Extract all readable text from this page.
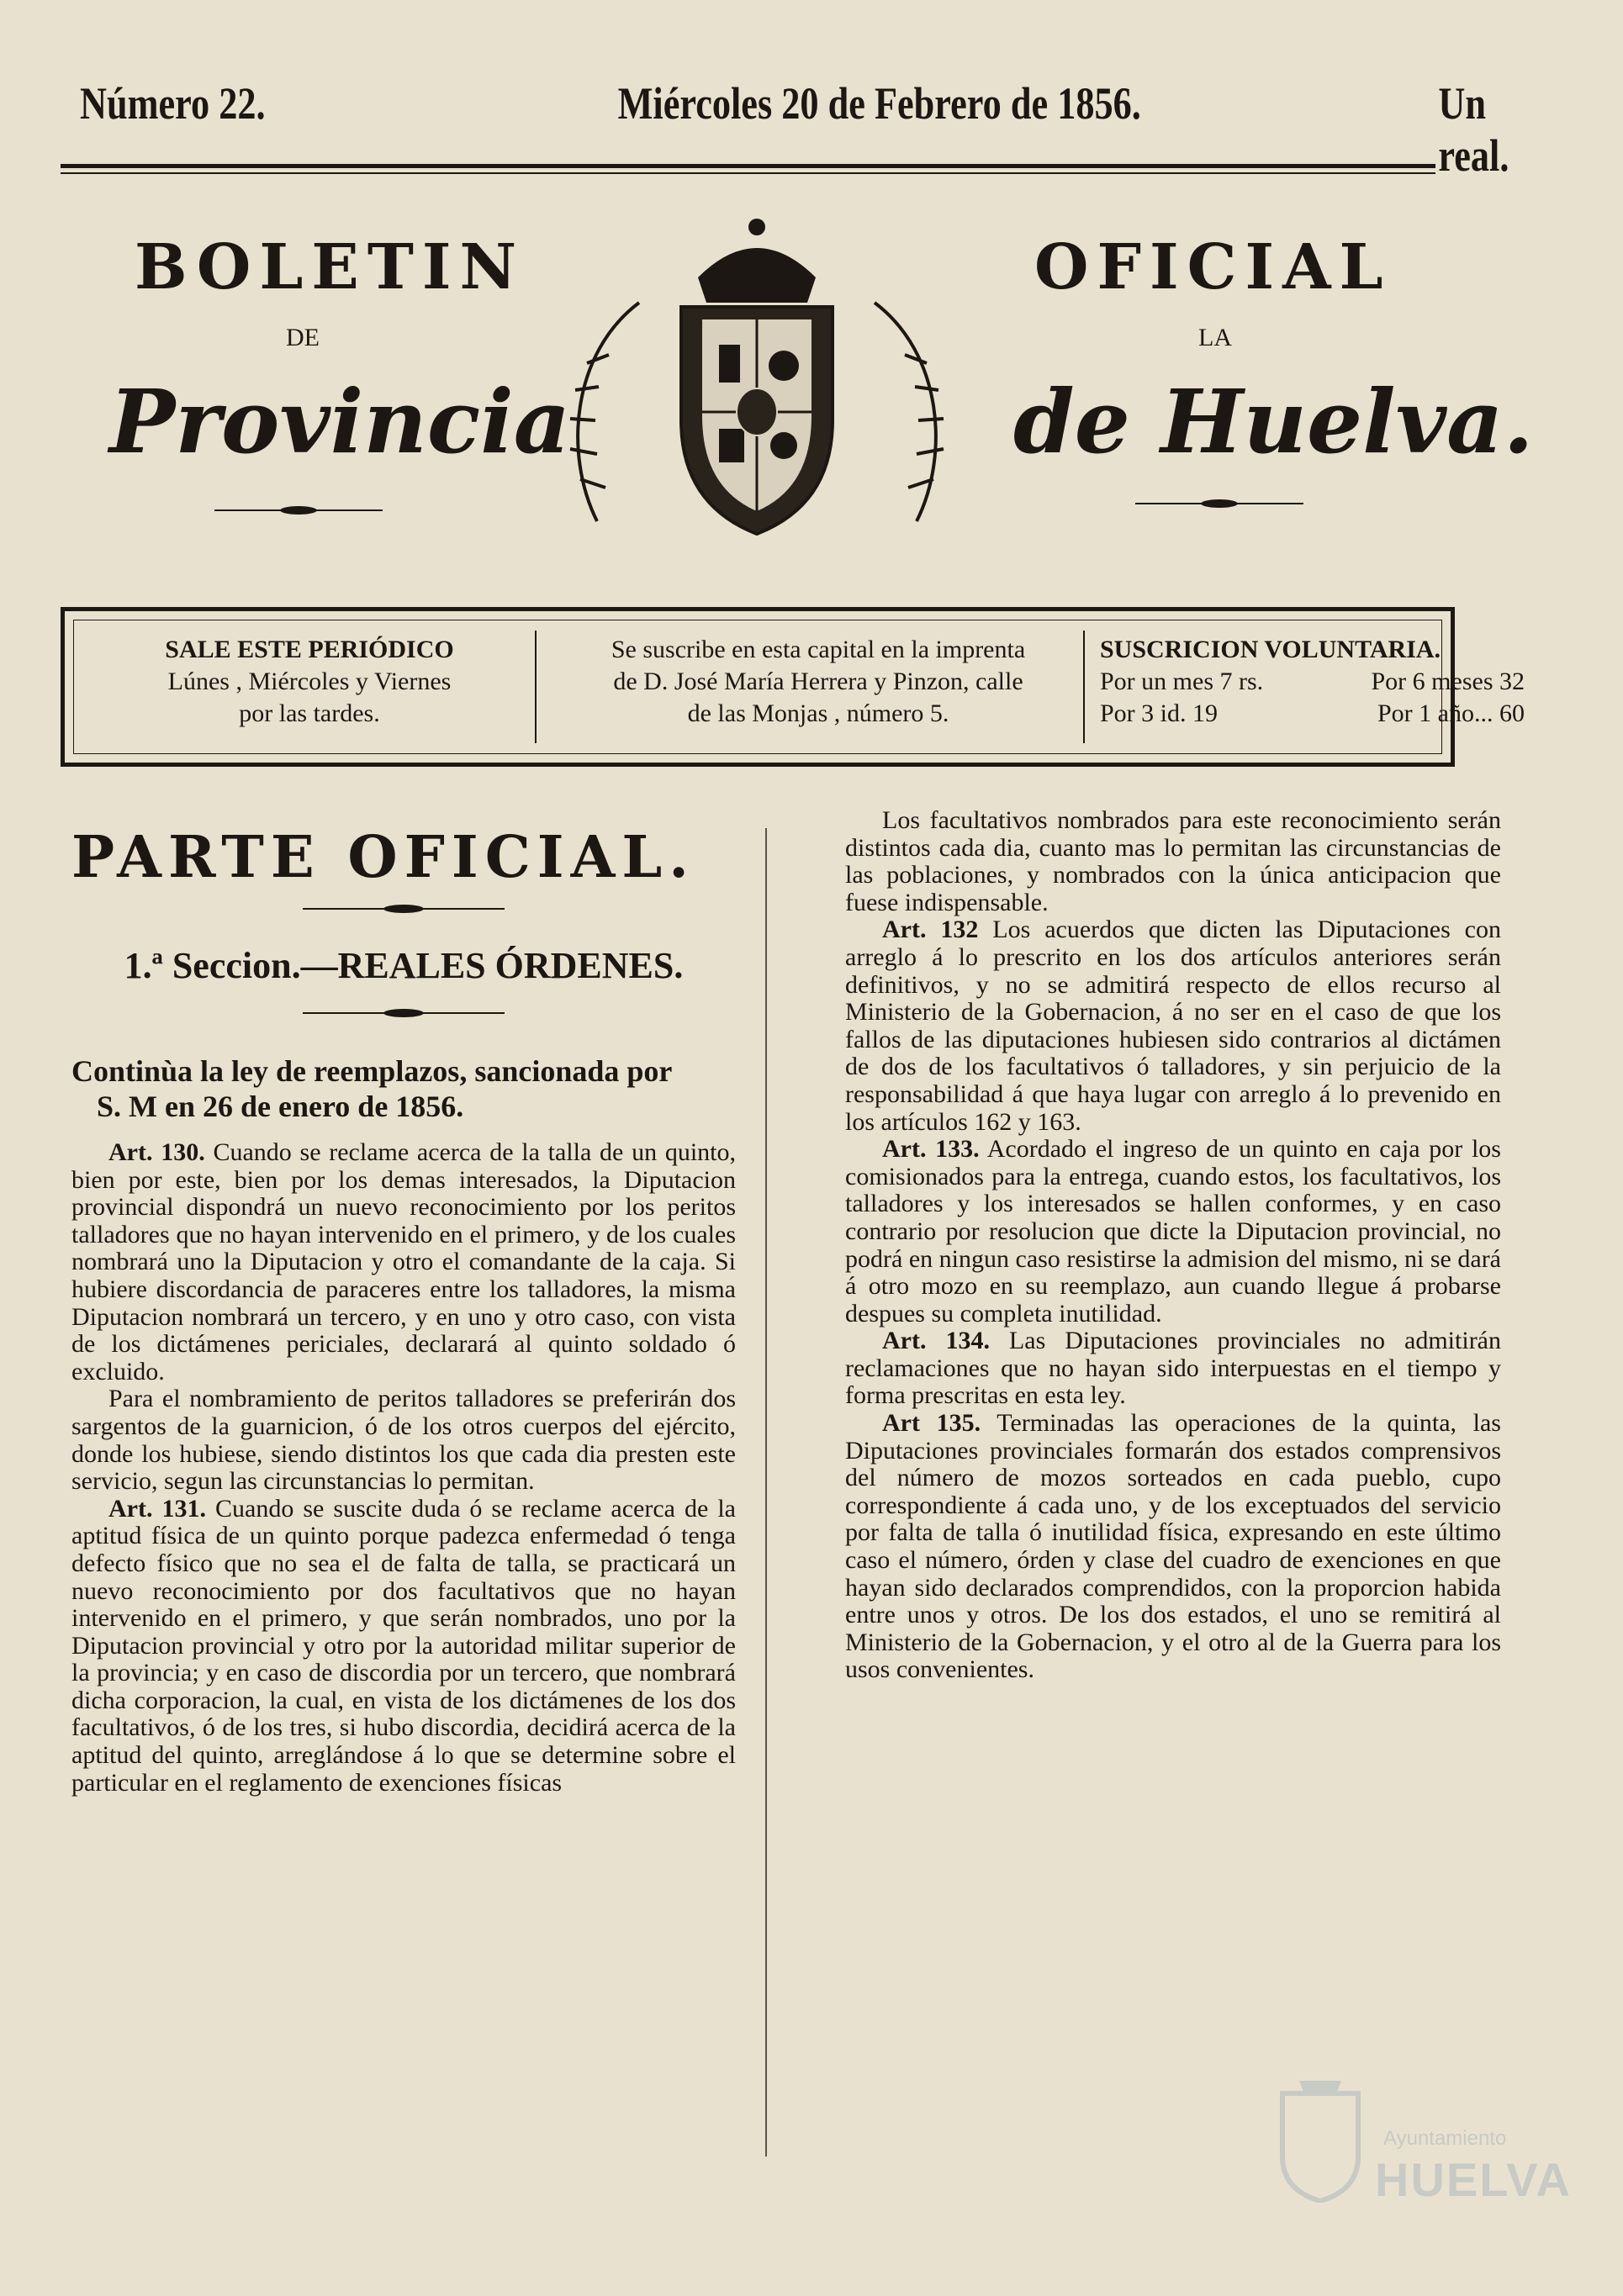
Número 22.	Miércoles 20 de Febrero de 1856.	Un real.
BOLETIN	OFICIAL
DE	LA
Provincia	de Huelva.
SALE ESTE PERIÓDICO
Lúnes , Miércoles y Viernes
por las tardes.
Se suscribe en esta capital en la imprenta
de D. José María Herrera y Pinzon, calle
de las Monjas , número 5.
SUSCRICION VOLUNTARIA.
Por un mes 7 rs.	Por 6 meses 32
Por 3 id. 19	Por 1 año... 60
PARTE OFICIAL.
1.ª Seccion.—REALES ÓRDENES.
Continùa la ley de reemplazos, sancionada por
S. M en 26 de enero de 1856.

Art. 130. Cuando se reclame acerca de la talla de un quinto, bien por este, bien por los demas interesados, la Diputacion provincial dispondrá un nuevo reconocimiento por los peritos talladores que no hayan intervenido en el primero, y de los cuales nombrará uno la Diputacion y otro el comandante de la caja. Si hubiere discordancia de paraceres entre los talladores, la misma Diputacion nombrará un tercero, y en uno y otro caso, con vista de los dictámenes periciales, declarará al quinto soldado ó excluido.

Para el nombramiento de peritos talladores se preferirán dos sargentos de la guarnicion, ó de los otros cuerpos del ejército, donde los hubiese, siendo distintos los que cada dia presten este servicio, segun las circunstancias lo permitan.

Art. 131. Cuando se suscite duda ó se reclame acerca de la aptitud física de un quinto porque padezca enfermedad ó tenga defecto físico que no sea el de falta de talla, se practicará un nuevo reconocimiento por dos facultativos que no hayan intervenido en el primero, y que serán nombrados, uno por la Diputacion provincial y otro por la autoridad militar superior de la provincia; y en caso de discordia por un tercero, que nombrará dicha corporacion, la cual, en vista de los dictámenes de los dos facultativos, ó de los tres, si hubo discordia, decidirá acerca de la aptitud del quinto, arreglándose á lo que se determine sobre el particular en el reglamento de exenciones físicas

Los facultativos nombrados para este reconocimiento serán distintos cada dia, cuanto mas lo permitan las circunstancias de las poblaciones, y nombrados con la única anticipacion que fuese indispensable.

Art. 132 Los acuerdos que dicten las Diputaciones con arreglo á lo prescrito en los dos artículos anteriores serán definitivos, y no se admitirá respecto de ellos recurso al Ministerio de la Gobernacion, á no ser en el caso de que los fallos de las diputaciones hubiesen sido contrarios al dictámen de dos de los facultativos ó talladores, y sin perjuicio de la responsabilidad á que haya lugar con arreglo á lo prevenido en los artículos 162 y 163.

Art. 133. Acordado el ingreso de un quinto en caja por los comisionados para la entrega, cuando estos, los facultativos, los talladores y los interesados se hallen conformes, y en caso contrario por resolucion que dicte la Diputacion provincial, no podrá en ningun caso resistirse la admision del mismo, ni se dará á otro mozo en su reemplazo, aun cuando llegue á probarse despues su completa inutilidad.

Art. 134. Las Diputaciones provinciales no admitirán reclamaciones que no hayan sido interpuestas en el tiempo y forma prescritas en esta ley.

Art 135. Terminadas las operaciones de la quinta, las Diputaciones provinciales formarán dos estados comprensivos del número de mozos sorteados en cada pueblo, cupo correspondiente á cada uno, y de los exceptuados del servicio por falta de talla ó inutilidad física, expresando en este último caso el número, órden y clase del cuadro de exenciones en que hayan sido declarados comprendidos, con la proporcion habida entre unos y otros. De los dos estados, el uno se remitirá al Ministerio de la Gobernacion, y el otro al de la Guerra para los usos convenientes.

Ayuntamiento
HUELVA
